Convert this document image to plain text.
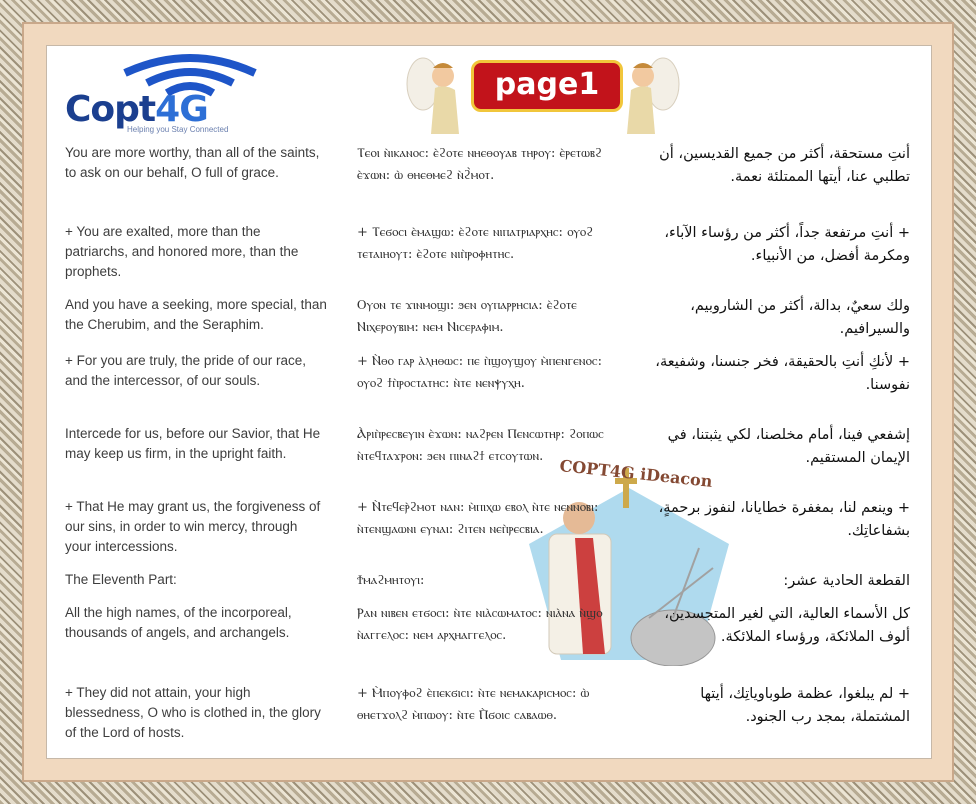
Copt4G
Helping you Stay Connected
page1
COPT4G iDeacon
You are more worthy, than all of the saints, to ask on our behalf, O full of grace.
Ⲧⲉⲟⲓ ⲛ̀ⲓⲕⲁⲛⲟⲥ: ⲉ̀ϩⲟⲧⲉ ⲛⲏⲉⲑⲟⲩⲁⲃ ⲧⲏⲣⲟⲩ: ⲉ̀ⲣⲉⲧⲱⲃϩ ⲉ̀ϫⲱⲛ: ⲱ̀ ⲑⲏⲉⲑⲙⲉϩ ⲛ̀ϩ̀ⲙⲟⲧ.
أنتِ مستحقة، أكثر من جميع القديسين، أن تطلبي عنا، أيتها الممتلئة نعمة.
+ You are exalted, more than the patriarchs, and honored more, than the prophets.
+ Ⲧⲉϭⲟⲥⲓ ⲉ̀ⲙⲁϣⲱ: ⲉ̀ϩⲟⲧⲉ ⲛⲓⲡⲁⲧⲣⲓⲁⲣⲭⲏⲥ: ⲟⲩⲟϩ ⲧⲉⲧⲁⲓⲏⲟⲩⲧ: ⲉ̀ϩⲟⲧⲉ ⲛⲓⲡ̀ⲣⲟⲫⲏⲧⲏⲥ.
+ أنتِ مرتفعة جداً، أكثر من رؤساء الآباء، ومكرمة أفضل، من الأنبياء.
And you have a seeking, more special, than the Cherubim, and the Seraphim.
Ⲟⲩⲟⲛ ⲧⲉ ϫⲓⲛⲙⲟϣⲓ: ϧⲉⲛ ⲟⲩⲡⲁⲣⲣⲏⲥⲓⲁ: ⲉ̀ϩⲟⲧⲉ Ⲛⲓⲭⲉⲣⲟⲩⲃⲓⲙ: ⲛⲉⲙ Ⲛⲓⲥⲉⲣⲁⲫⲓⲙ.
ولك سعيٌ، بدالة، أكثر من الشاروبيم، والسيرافيم.
+ For you are truly, the pride of our race, and the intercessor, of our souls.
+ Ⲛ̀ⲑⲟ ⲅⲁⲣ ⲁ̀ⲗⲏⲑⲱⲥ: ⲡⲉ ⲡ̀ϣⲟⲩϣⲟⲩ ⲙ̀ⲡⲉⲛⲅⲉⲛⲟⲥ: ⲟⲩⲟϩ ϯⲡ̀ⲣⲟⲥⲧⲁⲧⲏⲥ: ⲛ̀ⲧⲉ ⲛⲉⲛⲯⲩⲭⲏ.
+ لأنكِ أنتِ بالحقيقة، فخر جنسنا، وشفيعة، نفوسنا.
Intercede for us, before our Savior, that He may keep us firm, in the upright faith.
Ⲁ̀ⲣⲓⲡ̀ⲣⲉⲥⲃⲉⲩⲓⲛ ⲉ̀ϫⲱⲛ: ⲛⲁϩⲣⲉⲛ Ⲡⲉⲛⲥⲱⲧⲏⲣ: ϩⲟⲡⲱⲥ ⲛ̀ⲧⲉϥⲧⲁϫⲣⲟⲛ: ϧⲉⲛ ⲡⲓⲛⲁϩϯ ⲉⲧⲥⲟⲩⲧⲱⲛ.
إشفعي فينا، أمام مخلصنا، لكي يثبتنا، في الإيمان المستقيم.
+ That He may grant us, the forgiveness of our sins, in order to win mercy, through your intercessions.
+ Ⲛ̀ⲧⲉϥⲉⲣ̀ϩⲙⲟⲧ ⲛⲁⲛ: ⲙ̀ⲡⲓⲭⲱ ⲉⲃⲟⲗ ⲛ̀ⲧⲉ ⲛⲉⲛⲛⲟⲃⲓ: ⲛ̀ⲧⲉⲛϣⲁⲱⲛⲓ ⲉⲩⲛⲁⲓ: ϩⲓⲧⲉⲛ ⲛⲉⲡ̀ⲣⲉⲥⲃⲓⲁ.
+ وينعم لنا، بمغفرة خطايانا، لنفوز برحمةٍ، بشفاعاتِك.
The Eleventh Part:	Ϯⲙⲁϩⲙⲏⲧⲟⲩⲓ:	القطعة الحادية عشر:
All the high names, of the incorporeal, thousands of angels, and archangels.
Ⲣⲁⲛ ⲛⲓⲃⲉⲛ ⲉⲧϭⲟⲥⲓ: ⲛ̀ⲧⲉ ⲛⲓⲁ̀ⲥⲱⲙⲁⲧⲟⲥ: ⲛⲓⲁ̀ⲛⲁ ⲛ̀ϣⲟ ⲛ̀ⲁⲅⲅⲉⲗⲟⲥ: ⲛⲉⲙ ⲁⲣⲭⲏⲁⲅⲅⲉⲗⲟⲥ.
كل الأسماء العالية، التي لغير المتجسدين، ألوف الملائكة، ورؤساء الملائكة.
+ They did not attain, your high blessedness, O who is clothed in, the glory of the Lord of hosts.
+ Ⲙ̀ⲡⲟⲩⲫⲟϩ ⲉ̀ⲡⲉⲕϭⲓⲥⲓ: ⲛ̀ⲧⲉ ⲛⲉⲙⲁⲕⲁⲣⲓⲥⲙⲟⲥ: ⲱ̀ ⲑⲏⲉⲧϫⲟⲗϩ ⲙ̀ⲡⲱⲟⲩ: ⲛ̀ⲧⲉ Ⲡ̀ϭⲟⲓⲥ ⲥⲁⲃⲁⲱⲑ.
+ لم يبلغوا، عظمة طوباوياتِك، أيتها المشتملة، بمجد رب الجنود.
